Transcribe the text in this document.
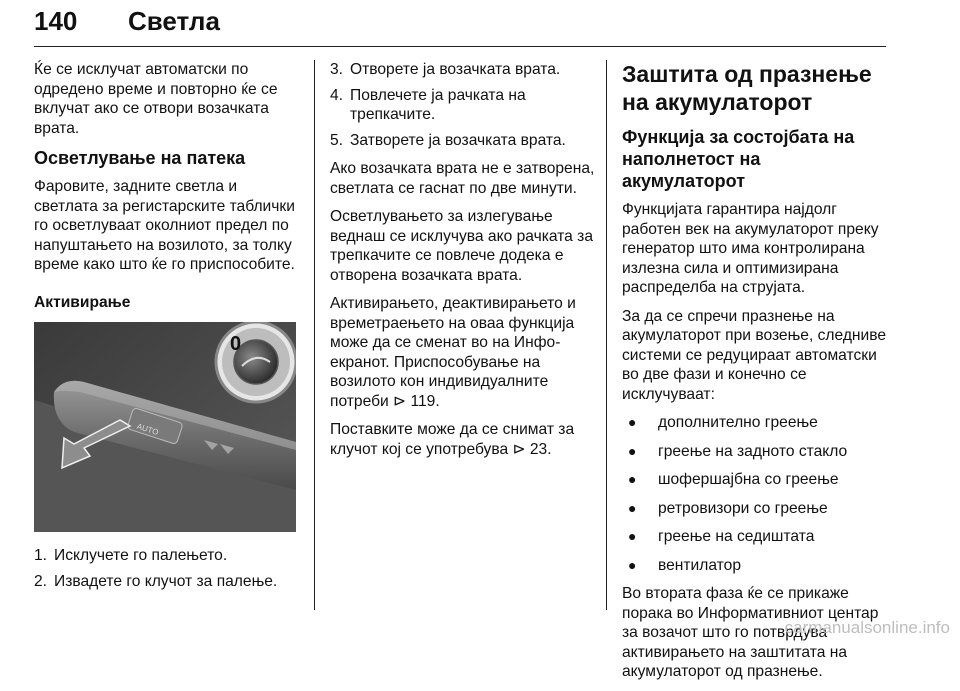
140 Светла

Ќе се исклучат автоматски по одредено време и повторно ќе се вклучат ако се отвори возачката врата.

Осветлување на патека

Фаровите, задните светла и светлата за регистарските таблички го осветлуваат околниот предел по напуштањето на возилото, за толку време како што ќе го приспособите.

Активирање
AUTO
0
1. Исклучете го палењето.
2. Извадете го клучот за палење.
3. Отворете ја возачката врата.
4. Повлечете ја рачката на трепкачите.
5. Затворете ја возачката врата.

Ако возачката врата не е затворена, светлата се гаснат по две минути.

Осветлувањето за излегување веднаш се исклучува ако рачката за трепкачите се повлече додека е отворена возачката врата.

Активирањето, деактивирањето и времетраењето на оваа функција може да се сменат во на Инфо-екранот. Приспособување на возилото кон индивидуалните потреби ⊳ 119.

Поставките може да се снимат за клучот кој се употребува ⊳ 23.

Заштита од празнење на акумулаторот
Функција за состојбата на наполнетост на акумулаторот

Функцијата гарантира најдолг работен век на акумулаторот преку генератор што има контролирана излезна сила и оптимизирана распределба на струјата.

За да се спречи празнење на акумулаторот при возење, следниве системи се редуцираат автоматски во две фази и конечно се исклучуваат:

●	дополнително греење
●	греење на задното стакло
●	шофершајбна со греење
●	ретровизори со греење
●	греење на седиштата
●	вентилатор

Во втората фаза ќе се прикаже порака во Информативниот центар за возачот што го потврдува активирањето на заштитата на акумулаторот од празнење.

carmanualsonline.info
